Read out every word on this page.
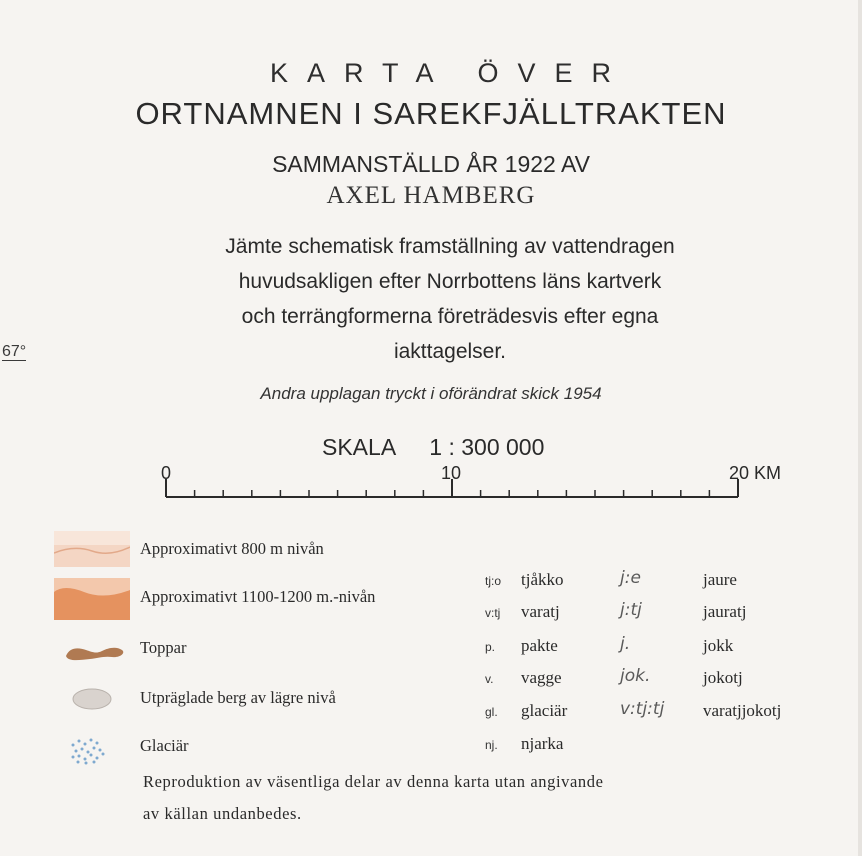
67°
KARTA ÖVER
ORTNAMNEN I SAREKFJÄLLTRAKTEN
SAMMANSTÄLLD ÅR 1922 AV
AXEL HAMBERG
Jämte schematisk framställning av vattendragen
huvudsakligen efter Norrbottens läns kartverk
och terrängformerna företrädesvis efter egna
iakttagelser.
Andra upplagan tryckt i oförändrat skick 1954
SKALA 1 : 300 000
0	10	20 KM
Approximativt 800 m nivån
Approximativt 1100-1200 m.-nivån
Toppar
Utpräglade berg av lägre nivå
Glaciär
tj:o tjåkko	j:e	jaure
v:tj varatj	j:tj	jauratj
p. pakte	j.	jokk
v. vagge	jok.	jokotj
gl. glaciär	v:tj:tj varatjjokotj
nj. njarka
Reproduktion av väsentliga delar av denna karta utan angivande
av källan undanbedes.
